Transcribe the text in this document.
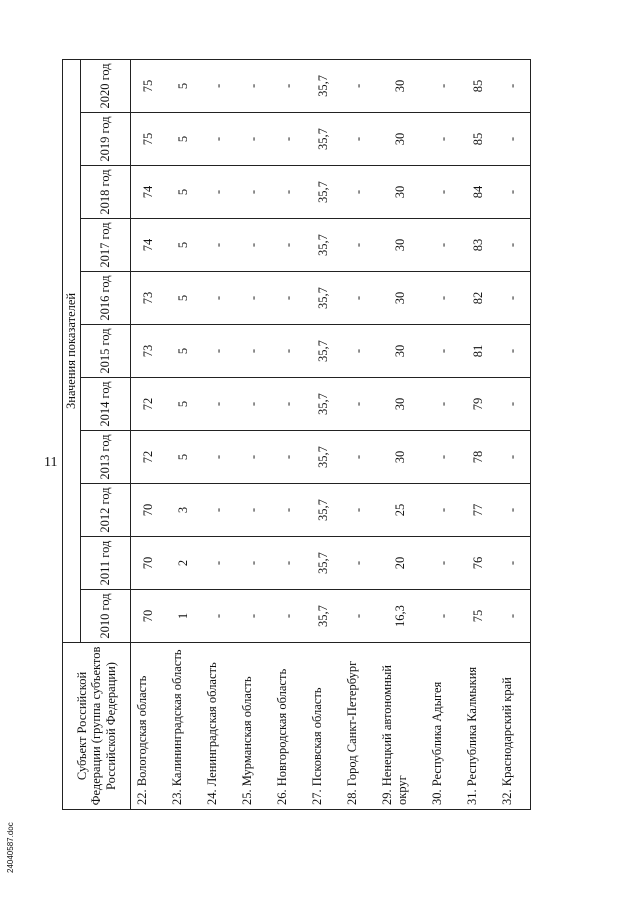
11
24040587.doc
Субъект Российской Федерации (группа субъектов Российской Федерации)	Значения показателей										
	2010 год	2011 год	2012 год	2013 год	2014 год	2015 год	2016 год	2017 год	2018 год	2019 год	2020 год
22. Вологодская область	70	70	70	72	72	73	73	74	74	75	75
23. Калининградская область	1	2	3	5	5	5	5	5	5	5	5
24. Ленинградская область	-	-	-	-	-	-	-	-	-	-	-
25. Мурманская область	-	-	-	-	-	-	-	-	-	-	-
26. Новгородская область	-	-	-	-	-	-	-	-	-	-	-
27. Псковская область	35,7	35,7	35,7	35,7	35,7	35,7	35,7	35,7	35,7	35,7	35,7
28. Город Санкт-Петербург	-	-	-	-	-	-	-	-	-	-	-
29. Ненецкий автономный округ	16,3	20	25	30	30	30	30	30	30	30	30
30. Республика Адыгея	-	-	-	-	-	-	-	-	-	-	-
31. Республика Калмыкия	75	76	77	78	79	81	82	83	84	85	85
32. Краснодарский край	-	-	-	-	-	-	-	-	-	-	-
